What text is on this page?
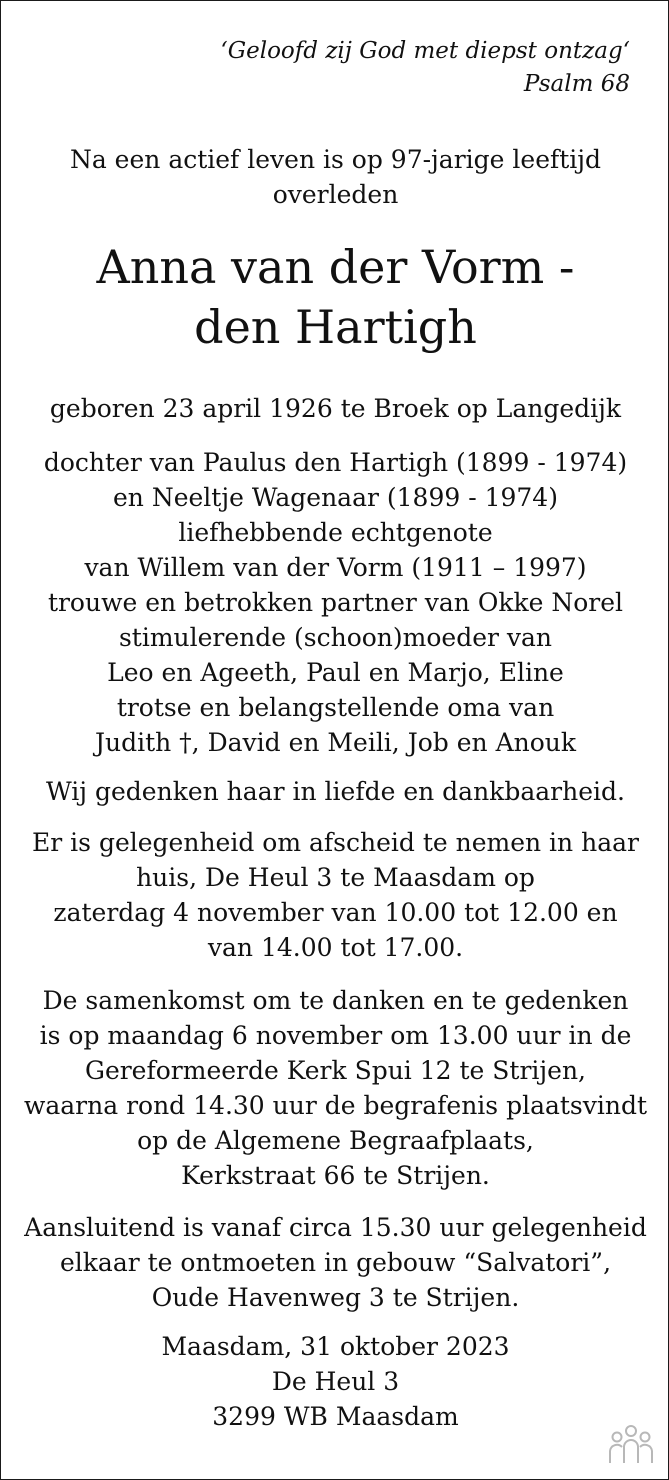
‘Geloofd zij God met diepst ontzag‘
Psalm 68
Na een actief leven is op 97-jarige leeftijd
overleden
Anna van der Vorm -
den Hartigh
geboren 23 april 1926 te Broek op Langedijk
dochter van Paulus den Hartigh (1899 - 1974)
en Neeltje Wagenaar (1899 - 1974)
liefhebbende echtgenote
van Willem van der Vorm (1911 – 1997)
trouwe en betrokken partner van Okke Norel
stimulerende (schoon)moeder van
Leo en Ageeth, Paul en Marjo, Eline
trotse en belangstellende oma van
Judith †, David en Meili, Job en Anouk
Wij gedenken haar in liefde en dankbaarheid.
Er is gelegenheid om afscheid te nemen in haar
huis, De Heul 3 te Maasdam op
zaterdag 4 november van 10.00 tot 12.00 en
van 14.00 tot 17.00.
De samenkomst om te danken en te gedenken
is op maandag 6 november om 13.00 uur in de
Gereformeerde Kerk Spui 12 te Strijen,
waarna rond 14.30 uur de begrafenis plaatsvindt
op de Algemene Begraafplaats,
Kerkstraat 66 te Strijen.
Aansluitend is vanaf circa 15.30 uur gelegenheid
elkaar te ontmoeten in gebouw “Salvatori”,
Oude Havenweg 3 te Strijen.
Maasdam, 31 oktober 2023
De Heul 3
3299 WB Maasdam
